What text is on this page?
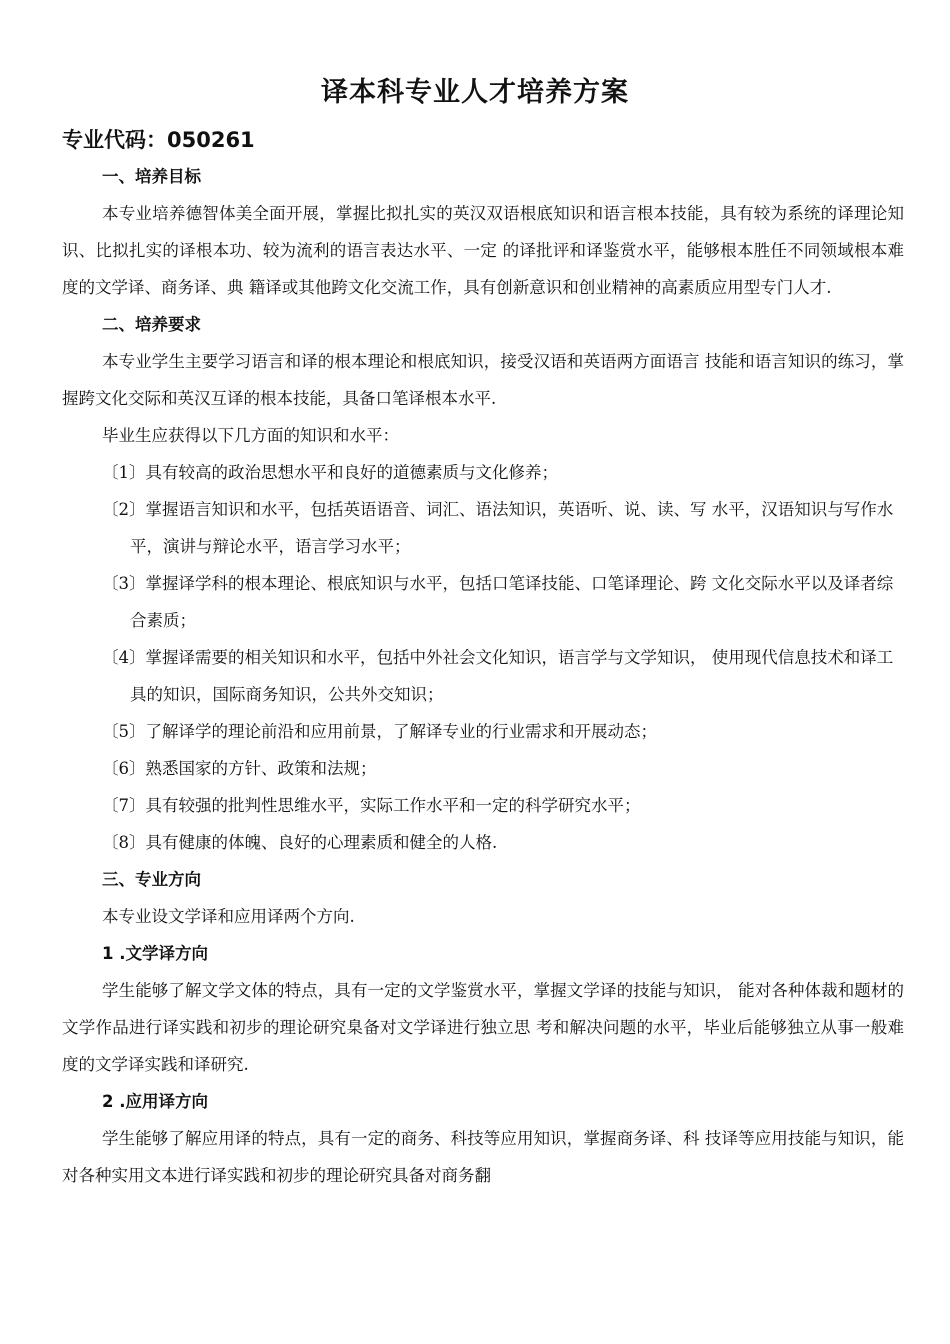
译本科专业人才培养方案
专业代码：050261

一、培养目标

本专业培养德智体美全面开展，掌握比拟扎实的英汉双语根底知识和语言根本技能，具有较为系统的译理论知识、比拟扎实的译根本功、较为流利的语言表达水平、一定 的译批评和译鉴赏水平，能够根本胜任不同领域根本难度的文学译、商务译、典 籍译或其他跨文化交流工作，具有创新意识和创业精神的高素质应用型专门人才.

二、培养要求

本专业学生主要学习语言和译的根本理论和根底知识，接受汉语和英语两方面语言 技能和语言知识的练习，掌握跨文化交际和英汉互译的根本技能，具备口笔译根本水平.

毕业生应获得以下几方面的知识和水平：

〔1〕具有较高的政治思想水平和良好的道德素质与文化修养；

〔2〕掌握语言知识和水平，包括英语语音、词汇、语法知识，英语听、说、读、写 水平，汉语知识与写作水平，演讲与辩论水平，语言学习水平；

〔3〕掌握译学科的根本理论、根底知识与水平，包括口笔译技能、口笔译理论、跨 文化交际水平以及译者综合素质；

〔4〕掌握译需要的相关知识和水平，包括中外社会文化知识，语言学与文学知识， 使用现代信息技术和译工具的知识，国际商务知识，公共外交知识；

〔5〕了解译学的理论前沿和应用前景，了解译专业的行业需求和开展动态；

〔6〕熟悉国家的方针、政策和法规；

〔7〕具有较强的批判性思维水平，实际工作水平和一定的科学研究水平；

〔8〕具有健康的体魄、良好的心理素质和健全的人格.

三、专业方向

本专业设文学译和应用译两个方向.

1 .文学译方向

学生能够了解文学文体的特点，具有一定的文学鉴赏水平，掌握文学译的技能与知识， 能对各种体裁和题材的文学作品进行译实践和初步的理论研究臬备对文学译进行独立思 考和解决问题的水平，毕业后能够独立从事一般难度的文学译实践和译研究.

2 .应用译方向

学生能够了解应用译的特点，具有一定的商务、科技等应用知识，掌握商务译、科 技译等应用技能与知识，能对各种实用文本进行译实践和初步的理论研究具备对商务翻
